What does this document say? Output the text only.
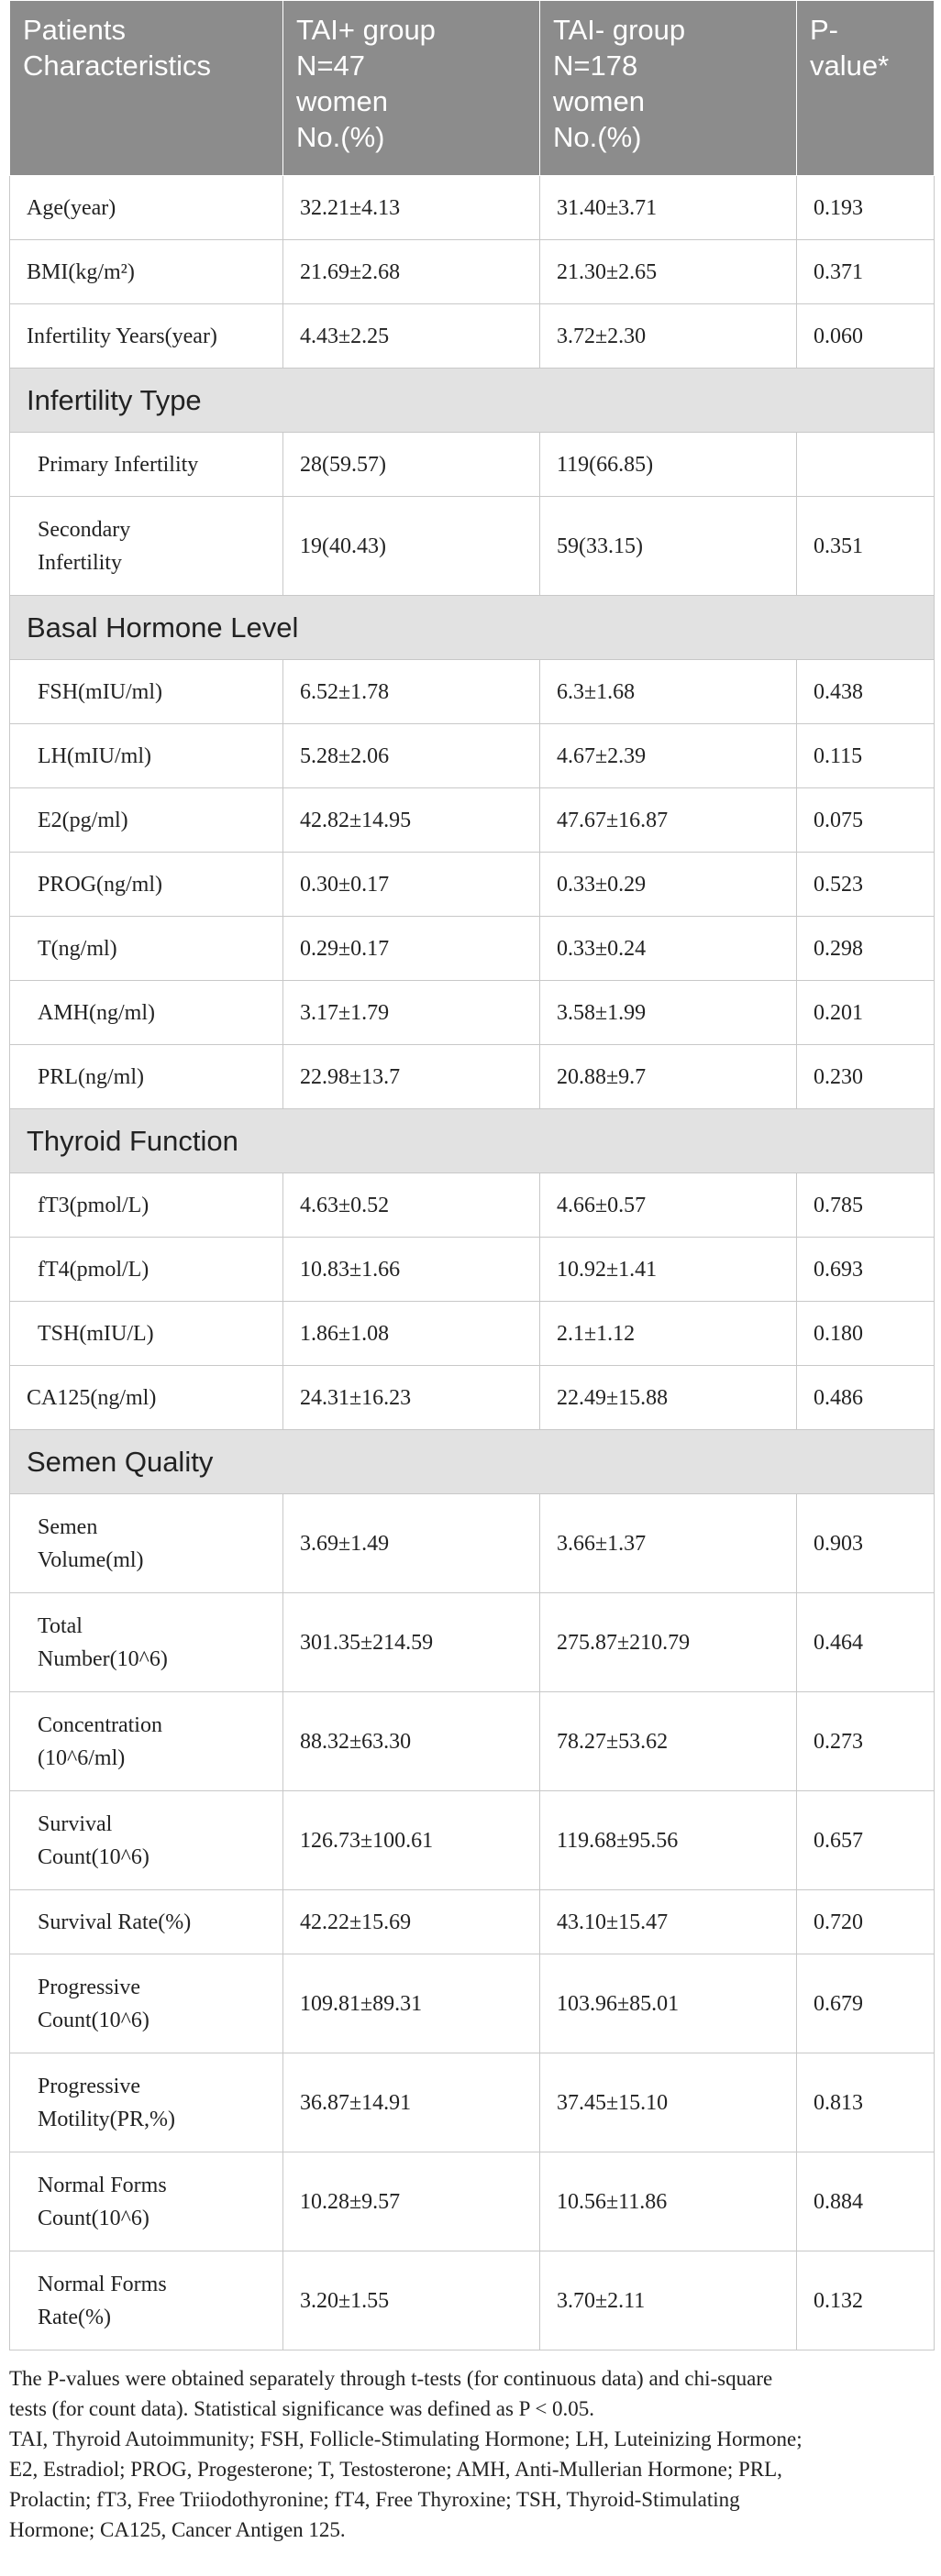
Patients
Characteristics	TAI+ group
N=47
women
No.(%)	TAI- group
N=178
women
No.(%)	P-
value*
Age(year)	32.21±4.13	31.40±3.71	0.193
BMI(kg/m²)	21.69±2.68	21.30±2.65	0.371
Infertility Years(year)	4.43±2.25	3.72±2.30	0.060
Infertility Type			
Primary Infertility	28(59.57)	119(66.85)	
Secondary
Infertility	19(40.43)	59(33.15)	0.351
Basal Hormone Level			
FSH(mIU/ml)	6.52±1.78	6.3±1.68	0.438
LH(mIU/ml)	5.28±2.06	4.67±2.39	0.115
E2(pg/ml)	42.82±14.95	47.67±16.87	0.075
PROG(ng/ml)	0.30±0.17	0.33±0.29	0.523
T(ng/ml)	0.29±0.17	0.33±0.24	0.298
AMH(ng/ml)	3.17±1.79	3.58±1.99	0.201
PRL(ng/ml)	22.98±13.7	20.88±9.7	0.230
Thyroid Function			
fT3(pmol/L)	4.63±0.52	4.66±0.57	0.785
fT4(pmol/L)	10.83±1.66	10.92±1.41	0.693
TSH(mIU/L)	1.86±1.08	2.1±1.12	0.180
CA125(ng/ml)	24.31±16.23	22.49±15.88	0.486
Semen Quality			
Semen
Volume(ml)	3.69±1.49	3.66±1.37	0.903
Total
Number(10^6)	301.35±214.59	275.87±210.79	0.464
Concentration
(10^6/ml)	88.32±63.30	78.27±53.62	0.273
Survival
Count(10^6)	126.73±100.61	119.68±95.56	0.657
Survival Rate(%)	42.22±15.69	43.10±15.47	0.720
Progressive
Count(10^6)	109.81±89.31	103.96±85.01	0.679
Progressive
Motility(PR,%)	36.87±14.91	37.45±15.10	0.813
Normal Forms
Count(10^6)	10.28±9.57	10.56±11.86	0.884
Normal Forms
Rate(%)	3.20±1.55	3.70±2.11	0.132

The P-values were obtained separately through t-tests (for continuous data) and chi-square
tests (for count data). Statistical significance was defined as P < 0.05.

TAI, Thyroid Autoimmunity; FSH, Follicle-Stimulating Hormone; LH, Luteinizing Hormone;
E2, Estradiol; PROG, Progesterone; T, Testosterone; AMH, Anti-Mullerian Hormone; PRL,
Prolactin; fT3, Free Triiodothyronine; fT4, Free Thyroxine; TSH, Thyroid-Stimulating
Hormone; CA125, Cancer Antigen 125.
